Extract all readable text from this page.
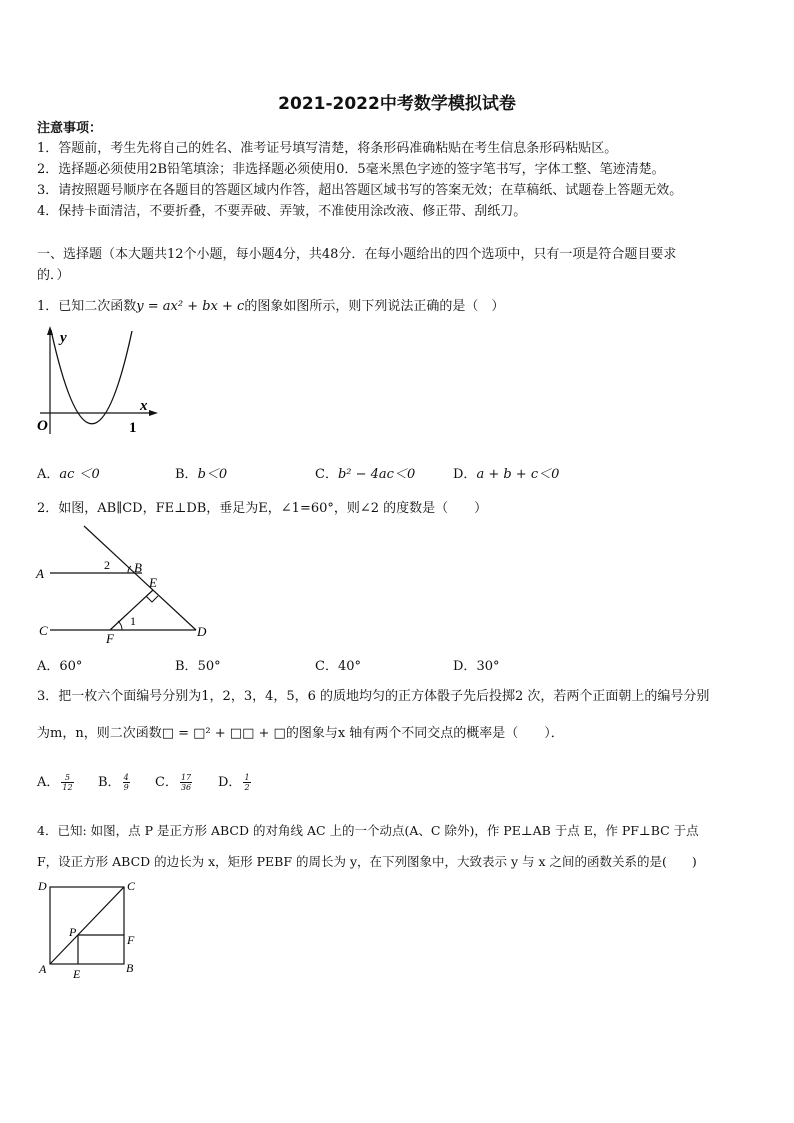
2021-2022中考数学模拟试卷
注意事项：
1．答题前，考生先将自己的姓名、准考证号填写清楚，将条形码准确粘贴在考生信息条形码粘贴区。
2．选择题必须使用2B铅笔填涂；非选择题必须使用0．5毫米黑色字迹的签字笔书写，字体工整、笔迹清楚。
3．请按照题号顺序在各题目的答题区域内作答，超出答题区域书写的答案无效；在草稿纸、试题卷上答题无效。
4．保持卡面清洁，不要折叠，不要弄破、弄皱，不准使用涂改液、修正带、刮纸刀。
一、选择题（本大题共12个小题，每小题4分，共48分．在每小题给出的四个选项中，只有一项是符合题目要求
的．）
1．已知二次函数y = ax² + bx + c的图象如图所示，则下列说法正确的是（　）
y
x
O	1
A．ac ＜0	B．b＜0	C．b² − 4ac＜0	D．a + b + c＜0
2．如图，AB∥CD，FE⊥DB，垂足为E，∠1=60°，则∠2 的度数是（　　）
A	B
C	D
E
F
1
2
A．60°	B．50°	C．40°	D．30°
3．把一枚六个面编号分别为1，2，3，4，5，6 的质地均匀的正方体骰子先后投掷2 次，若两个正面朝上的编号分别
为m，n，则二次函数□ = □² + □□ + □的图象与x 轴有两个不同交点的概率是（　　）．
A． $\frac{5}{12}$ B． $\frac{4}{9}$ C． $\frac{17}{36}$ D． $\frac{1}{2}$
4．已知: 如图，点 P 是正方形 ABCD 的对角线 AC 上的一个动点(A、C 除外)，作 PE⊥AB 于点 E，作 PF⊥BC 于点
F，设正方形 ABCD 的边长为 x，矩形 PEBF 的周长为 y，在下列图象中，大致表示 y 与 x 之间的函数关系的是(　　)
D	C
A	B
E
F
P
